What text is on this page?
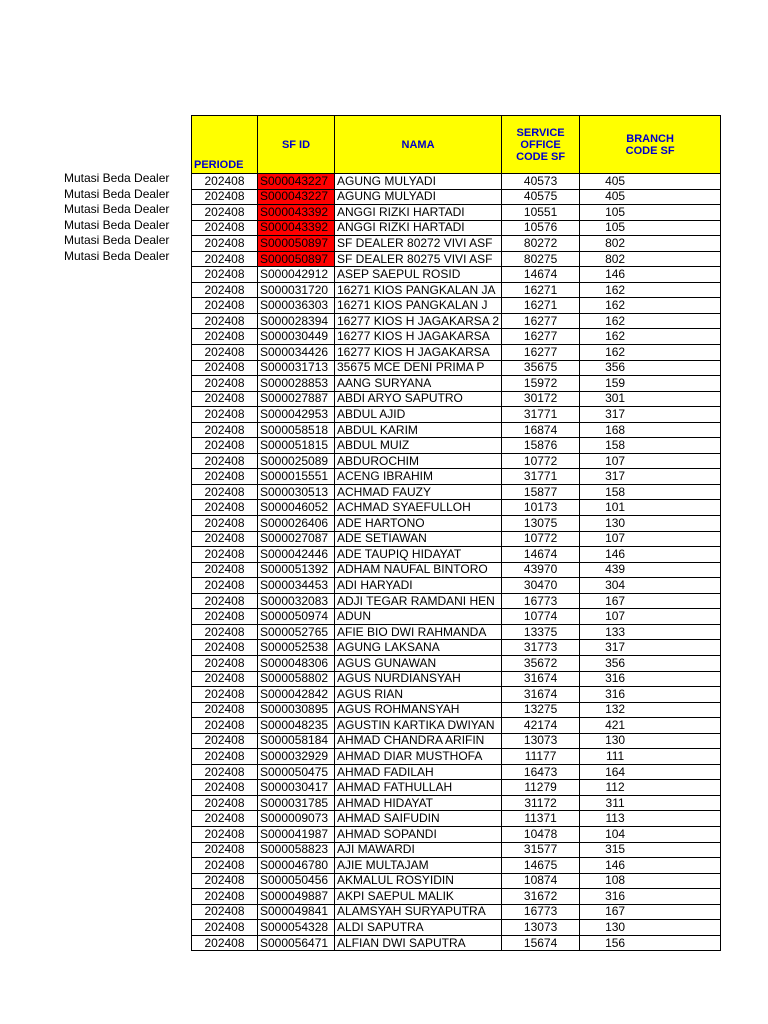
Mutasi Beda Dealer
Mutasi Beda Dealer
Mutasi Beda Dealer
Mutasi Beda Dealer
Mutasi Beda Dealer
Mutasi Beda Dealer
PERIODE	SF ID	NAMA	SERVICE OFFICE CODE SF	BRANCH CODE SF
202408	S000043227	AGUNG MULYADI	40573	405
202408	S000043227	AGUNG MULYADI	40575	405
202408	S000043392	ANGGI RIZKI HARTADI	10551	105
202408	S000043392	ANGGI RIZKI HARTADI	10576	105
202408	S000050897	SF DEALER 80272 VIVI ASF	80272	802
202408	S000050897	SF DEALER 80275 VIVI ASF	80275	802
202408	S000042912	ASEP SAEPUL ROSID	14674	146
202408	S000031720	16271 KIOS PANGKALAN JA	16271	162
202408	S000036303	16271 KIOS PANGKALAN J	16271	162
202408	S000028394	16277 KIOS H JAGAKARSA 2	16277	162
202408	S000030449	16277 KIOS H JAGAKARSA	16277	162
202408	S000034426	16277 KIOS H JAGAKARSA	16277	162
202408	S000031713	35675 MCE DENI PRIMA P	35675	356
202408	S000028853	AANG SURYANA	15972	159
202408	S000027887	ABDI ARYO SAPUTRO	30172	301
202408	S000042953	ABDUL AJID	31771	317
202408	S000058518	ABDUL KARIM	16874	168
202408	S000051815	ABDUL MUIZ	15876	158
202408	S000025089	ABDUROCHIM	10772	107
202408	S000015551	ACENG IBRAHIM	31771	317
202408	S000030513	ACHMAD FAUZY	15877	158
202408	S000046052	ACHMAD SYAEFULLOH	10173	101
202408	S000026406	ADE HARTONO	13075	130
202408	S000027087	ADE SETIAWAN	10772	107
202408	S000042446	ADE TAUPIQ HIDAYAT	14674	146
202408	S000051392	ADHAM NAUFAL BINTORO	43970	439
202408	S000034453	ADI HARYADI	30470	304
202408	S000032083	ADJI TEGAR RAMDANI HEN	16773	167
202408	S000050974	ADUN	10774	107
202408	S000052765	AFIE BIO DWI RAHMANDA	13375	133
202408	S000052538	AGUNG LAKSANA	31773	317
202408	S000048306	AGUS GUNAWAN	35672	356
202408	S000058802	AGUS NURDIANSYAH	31674	316
202408	S000042842	AGUS RIAN	31674	316
202408	S000030895	AGUS ROHMANSYAH	13275	132
202408	S000048235	AGUSTIN KARTIKA DWIYAN	42174	421
202408	S000058184	AHMAD CHANDRA ARIFIN	13073	130
202408	S000032929	AHMAD DIAR MUSTHOFA	11177	111
202408	S000050475	AHMAD FADILAH	16473	164
202408	S000030417	AHMAD FATHULLAH	11279	112
202408	S000031785	AHMAD HIDAYAT	31172	311
202408	S000009073	AHMAD SAIFUDIN	11371	113
202408	S000041987	AHMAD SOPANDI	10478	104
202408	S000058823	AJI MAWARDI	31577	315
202408	S000046780	AJIE MULTAJAM	14675	146
202408	S000050456	AKMALUL ROSYIDIN	10874	108
202408	S000049887	AKPI SAEPUL MALIK	31672	316
202408	S000049841	ALAMSYAH SURYAPUTRA	16773	167
202408	S000054328	ALDI SAPUTRA	13073	130
202408	S000056471	ALFIAN DWI SAPUTRA	15674	156
